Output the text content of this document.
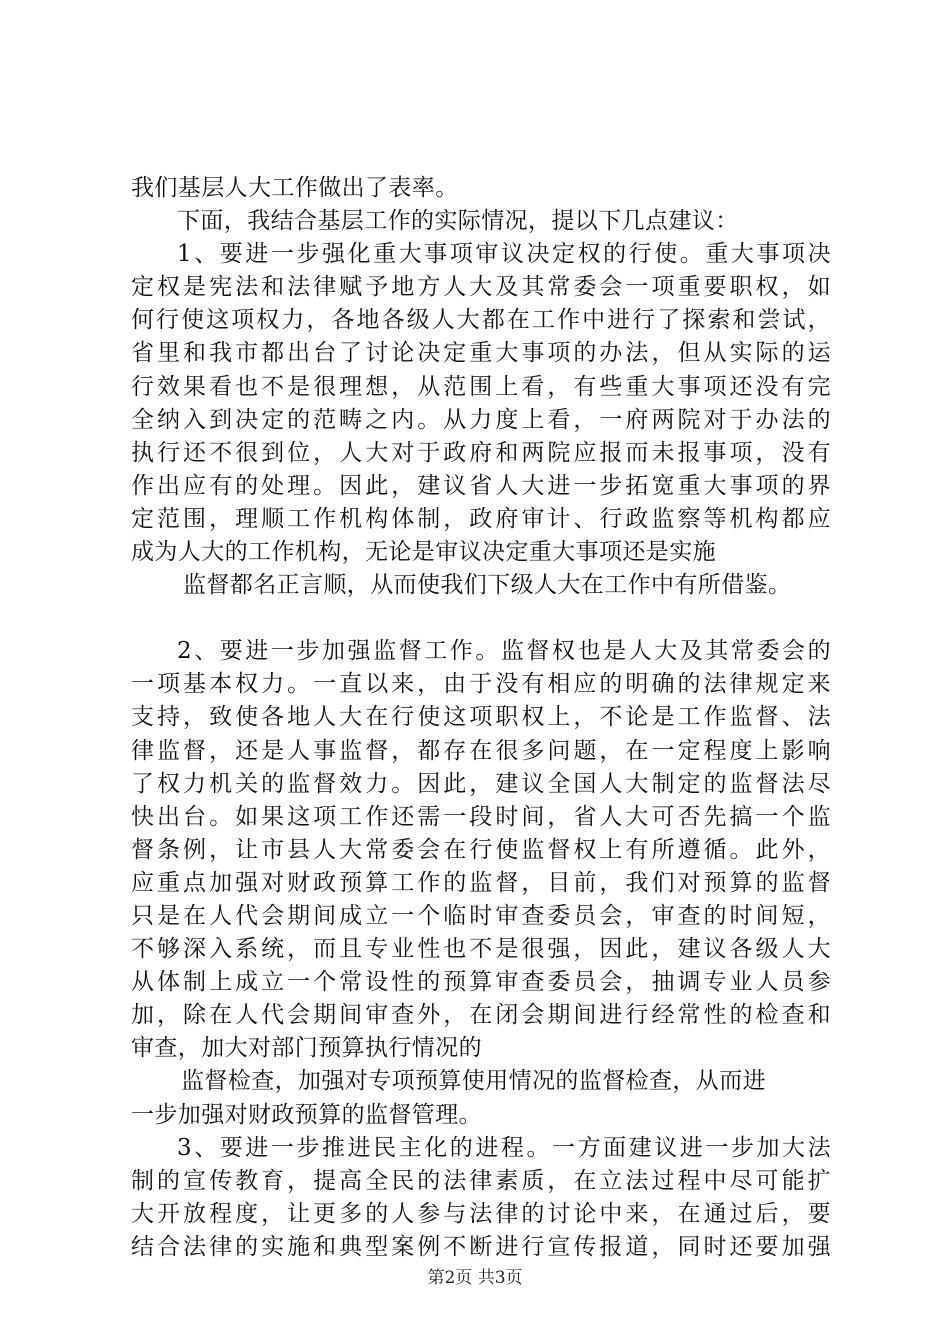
我们基层人大工作做出了表率。
下面，我结合基层工作的实际情况，提以下几点建议：
1、要进一步强化重大事项审议决定权的行使。重大事项决
定权是宪法和法律赋予地方人大及其常委会一项重要职权，如
何行使这项权力，各地各级人大都在工作中进行了探索和尝试，
省里和我市都出台了讨论决定重大事项的办法，但从实际的运
行效果看也不是很理想，从范围上看，有些重大事项还没有完
全纳入到决定的范畴之内。从力度上看，一府两院对于办法的
执行还不很到位，人大对于政府和两院应报而未报事项，没有
作出应有的处理。因此，建议省人大进一步拓宽重大事项的界
定范围，理顺工作机构体制，政府审计、行政监察等机构都应
成为人大的工作机构，无论是审议决定重大事项还是实施
监督都名正言顺，从而使我们下级人大在工作中有所借鉴。
2、要进一步加强监督工作。监督权也是人大及其常委会的
一项基本权力。一直以来，由于没有相应的明确的法律规定来
支持，致使各地人大在行使这项职权上，不论是工作监督、法
律监督，还是人事监督，都存在很多问题，在一定程度上影响
了权力机关的监督效力。因此，建议全国人大制定的监督法尽
快出台。如果这项工作还需一段时间，省人大可否先搞一个监
督条例，让市县人大常委会在行使监督权上有所遵循。此外，
应重点加强对财政预算工作的监督，目前，我们对预算的监督
只是在人代会期间成立一个临时审查委员会，审查的时间短，
不够深入系统，而且专业性也不是很强，因此，建议各级人大
从体制上成立一个常设性的预算审查委员会，抽调专业人员参
加，除在人代会期间审查外，在闭会期间进行经常性的检查和
审查，加大对部门预算执行情况的
监督检查，加强对专项预算使用情况的监督检查，从而进
一步加强对财政预算的监督管理。
3、要进一步推进民主化的进程。一方面建议进一步加大法
制的宣传教育，提高全民的法律素质，在立法过程中尽可能扩
大开放程度，让更多的人参与法律的讨论中来，在通过后，要
结合法律的实施和典型案例不断进行宣传报道，同时还要加强
第2页 共3页
